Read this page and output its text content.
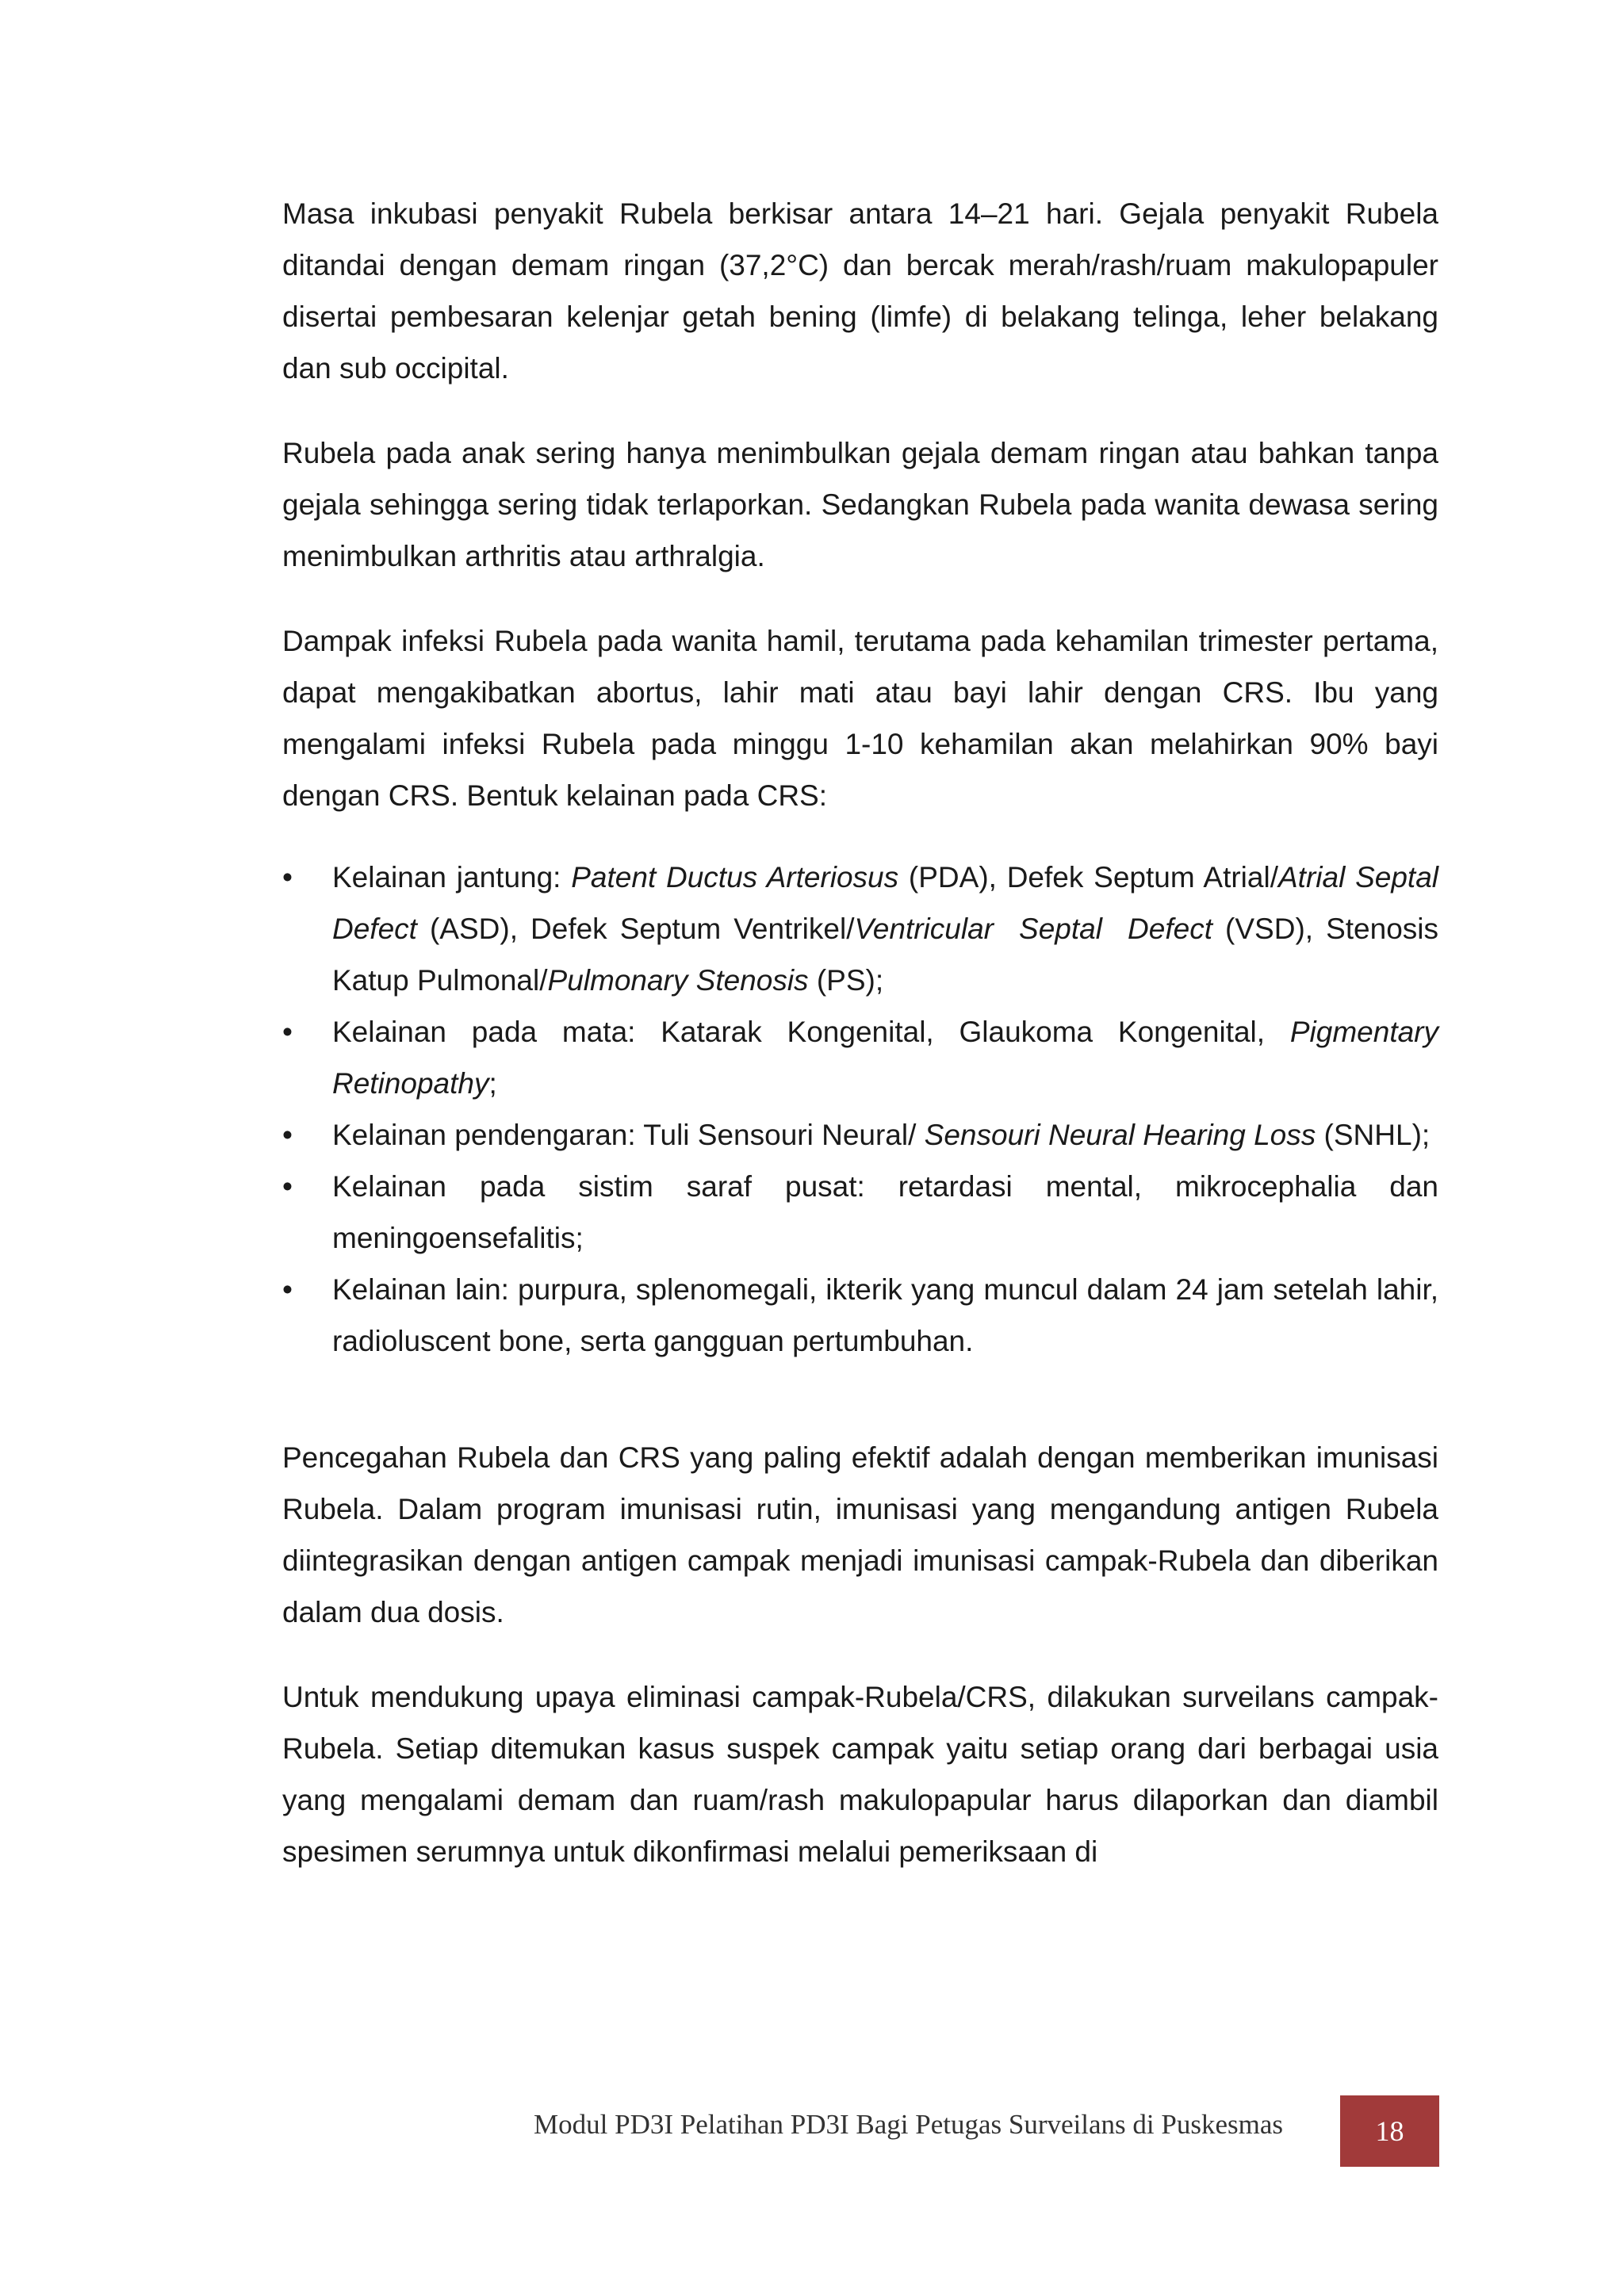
Masa inkubasi penyakit Rubela berkisar antara 14–21 hari. Gejala penyakit Rubela ditandai dengan demam ringan (37,2°C) dan bercak merah/rash/ruam makulopapuler disertai pembesaran kelenjar getah bening (limfe) di belakang telinga, leher belakang dan sub occipital.

Rubela pada anak sering hanya menimbulkan gejala demam ringan atau bahkan tanpa gejala sehingga sering tidak terlaporkan. Sedangkan Rubela pada wanita dewasa sering menimbulkan arthritis atau arthralgia.

Dampak infeksi Rubela pada wanita hamil, terutama pada kehamilan trimester pertama, dapat mengakibatkan abortus, lahir mati atau bayi lahir dengan CRS. Ibu yang mengalami infeksi Rubela pada minggu 1-10 kehamilan akan melahirkan 90% bayi dengan CRS. Bentuk kelainan pada CRS:

• Kelainan jantung: Patent Ductus Arteriosus (PDA), Defek Septum Atrial/Atrial Septal Defect (ASD), Defek Septum Ventrikel/Ventricular  Septal  Defect (VSD), Stenosis Katup Pulmonal/Pulmonary Stenosis (PS);
• Kelainan pada mata: Katarak Kongenital, Glaukoma Kongenital, Pigmentary Retinopathy;
• Kelainan pendengaran: Tuli Sensouri Neural/ Sensouri Neural Hearing Loss (SNHL);
• Kelainan pada sistim saraf pusat: retardasi mental, mikrocephalia dan meningoensefalitis;
• Kelainan lain: purpura, splenomegali, ikterik yang muncul dalam 24 jam setelah lahir, radioluscent bone, serta gangguan pertumbuhan.

Pencegahan Rubela dan CRS yang paling efektif adalah dengan memberikan imunisasi Rubela. Dalam program imunisasi rutin, imunisasi yang mengandung antigen Rubela diintegrasikan dengan antigen campak menjadi imunisasi campak-Rubela dan diberikan dalam dua dosis.

Untuk mendukung upaya eliminasi campak-Rubela/CRS, dilakukan surveilans campak-Rubela. Setiap ditemukan kasus suspek campak yaitu setiap orang dari berbagai usia yang mengalami demam dan ruam/rash makulopapular harus dilaporkan dan diambil spesimen serumnya untuk dikonfirmasi melalui pemeriksaan di

Modul PD3I Pelatihan PD3I Bagi Petugas Surveilans di Puskesmas	18
